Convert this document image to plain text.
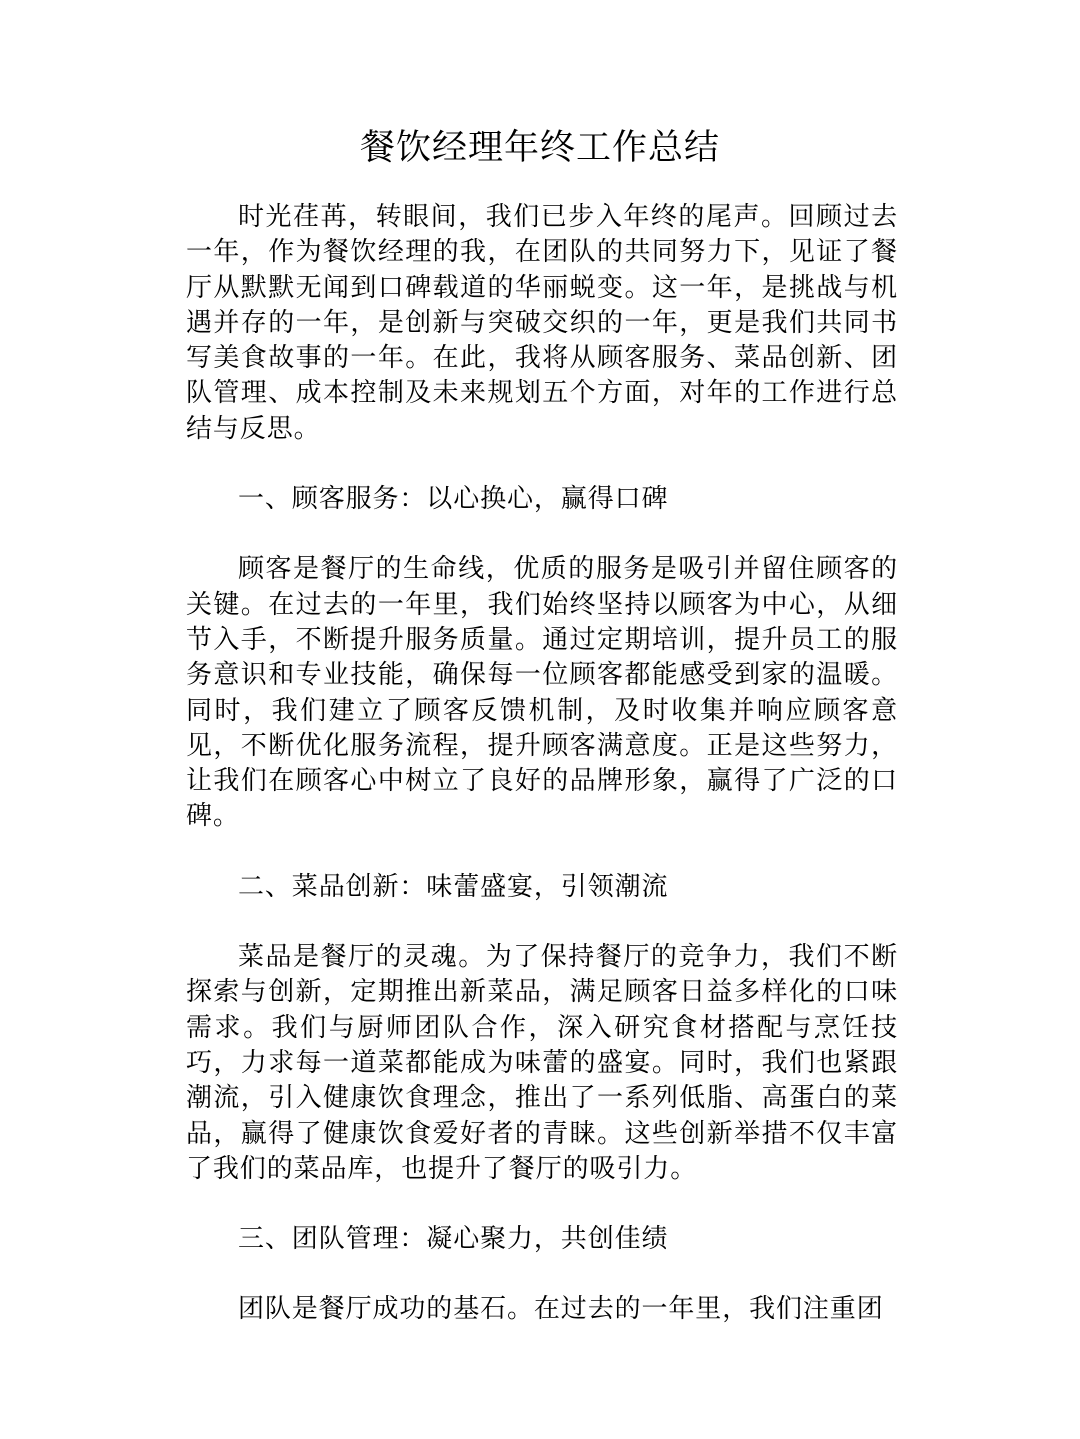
餐饮经理年终工作总结

时光荏苒，转眼间，我们已步入年终的尾声。回顾过去一年，作为餐饮经理的我，在团队的共同努力下，见证了餐厅从默默无闻到口碑载道的华丽蜕变。这一年，是挑战与机遇并存的一年，是创新与突破交织的一年，更是我们共同书写美食故事的一年。在此，我将从顾客服务、菜品创新、团队管理、成本控制及未来规划五个方面，对年的工作进行总结与反思。

一、顾客服务：以心换心，赢得口碑

顾客是餐厅的生命线，优质的服务是吸引并留住顾客的关键。在过去的一年里，我们始终坚持以顾客为中心，从细节入手，不断提升服务质量。通过定期培训，提升员工的服务意识和专业技能，确保每一位顾客都能感受到家的温暖。同时，我们建立了顾客反馈机制，及时收集并响应顾客意见，不断优化服务流程，提升顾客满意度。正是这些努力，让我们在顾客心中树立了良好的品牌形象，赢得了广泛的口碑。

二、菜品创新：味蕾盛宴，引领潮流

菜品是餐厅的灵魂。为了保持餐厅的竞争力，我们不断探索与创新，定期推出新菜品，满足顾客日益多样化的口味需求。我们与厨师团队合作，深入研究食材搭配与烹饪技巧，力求每一道菜都能成为味蕾的盛宴。同时，我们也紧跟潮流，引入健康饮食理念，推出了一系列低脂、高蛋白的菜品，赢得了健康饮食爱好者的青睐。这些创新举措不仅丰富了我们的菜品库，也提升了餐厅的吸引力。

三、团队管理：凝心聚力，共创佳绩

团队是餐厅成功的基石。在过去的一年里，我们注重团
